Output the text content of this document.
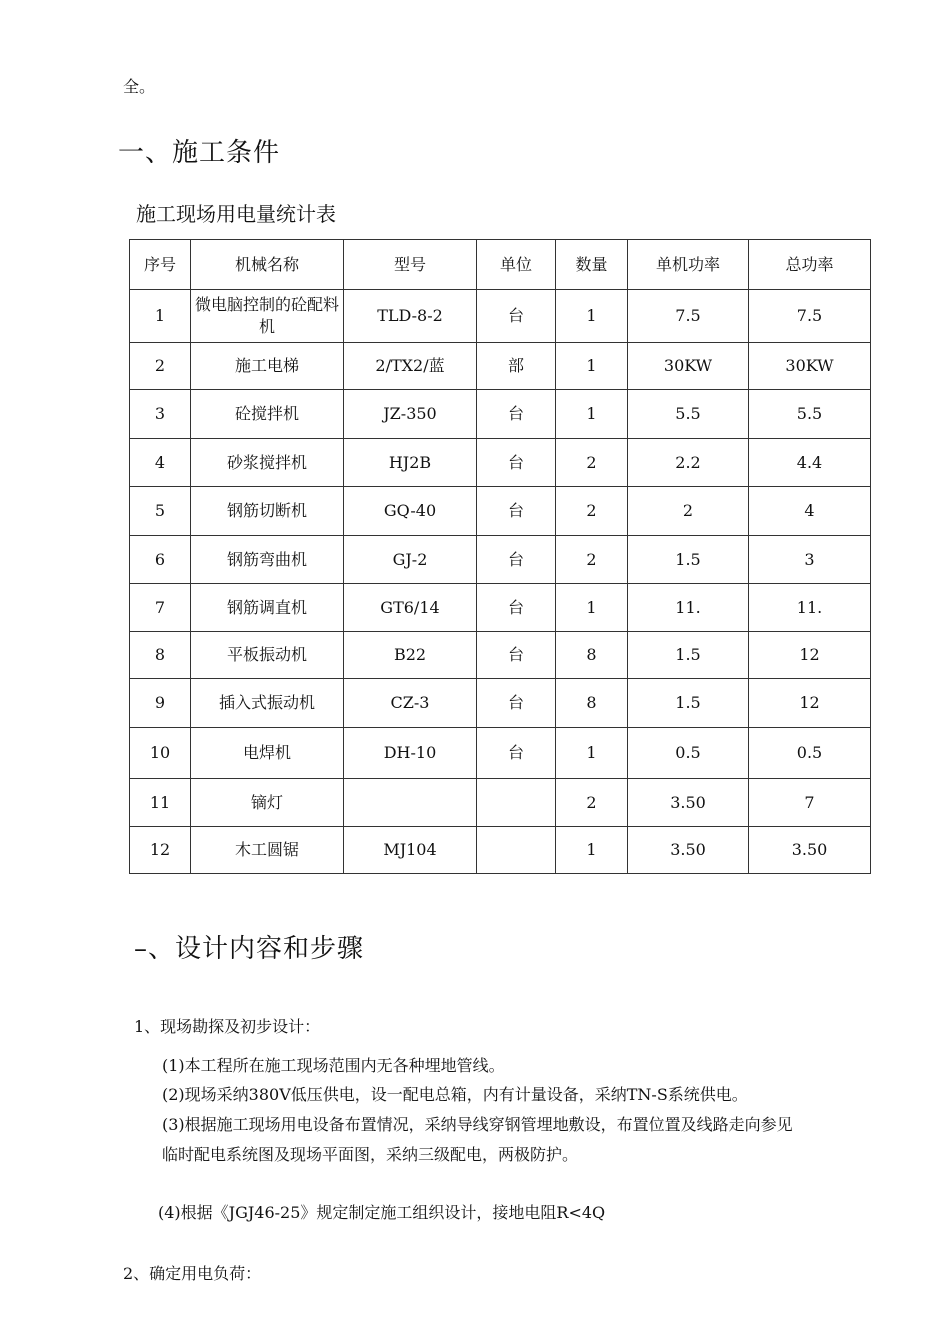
全。
一、施工条件
施工现场用电量统计表
序号	机械名称	型号	单位	数量	单机功率	总功率
1	微电脑控制的砼配料机	TLD-8-2	台	1	7.5	7.5
2	施工电梯	2/TX2/蓝	部	1	30KW	30KW
3	砼搅拌机	JZ-350	台	1	5.5	5.5
4	砂浆搅拌机	HJ2B	台	2	2.2	4.4
5	钢筋切断机	GQ-40	台	2	2	4
6	钢筋弯曲机	GJ-2	台	2	1.5	3
7	钢筋调直机	GT6/14	台	1	11.	11.
8	平板振动机	B22	台	8	1.5	12
9	插入式振动机	CZ-3	台	8	1.5	12
10	电焊机	DH-10	台	1	0.5	0.5
11	镝灯			2	3.50	7
12	木工圆锯	MJ104		1	3.50	3.50
–、设计内容和步骤
1、现场勘探及初步设计：
(1)本工程所在施工现场范围内无各种埋地管线。
(2)现场采纳380V低压供电，设一配电总箱，内有计量设备，采纳TN-S系统供电。
(3)根据施工现场用电设备布置情况，采纳导线穿钢管埋地敷设，布置位置及线路走向参见
临时配电系统图及现场平面图，采纳三级配电，两极防护。
(4)根据《JGJ46-25》规定制定施工组织设计，接地电阻R<4Q
2、确定用电负荷：
